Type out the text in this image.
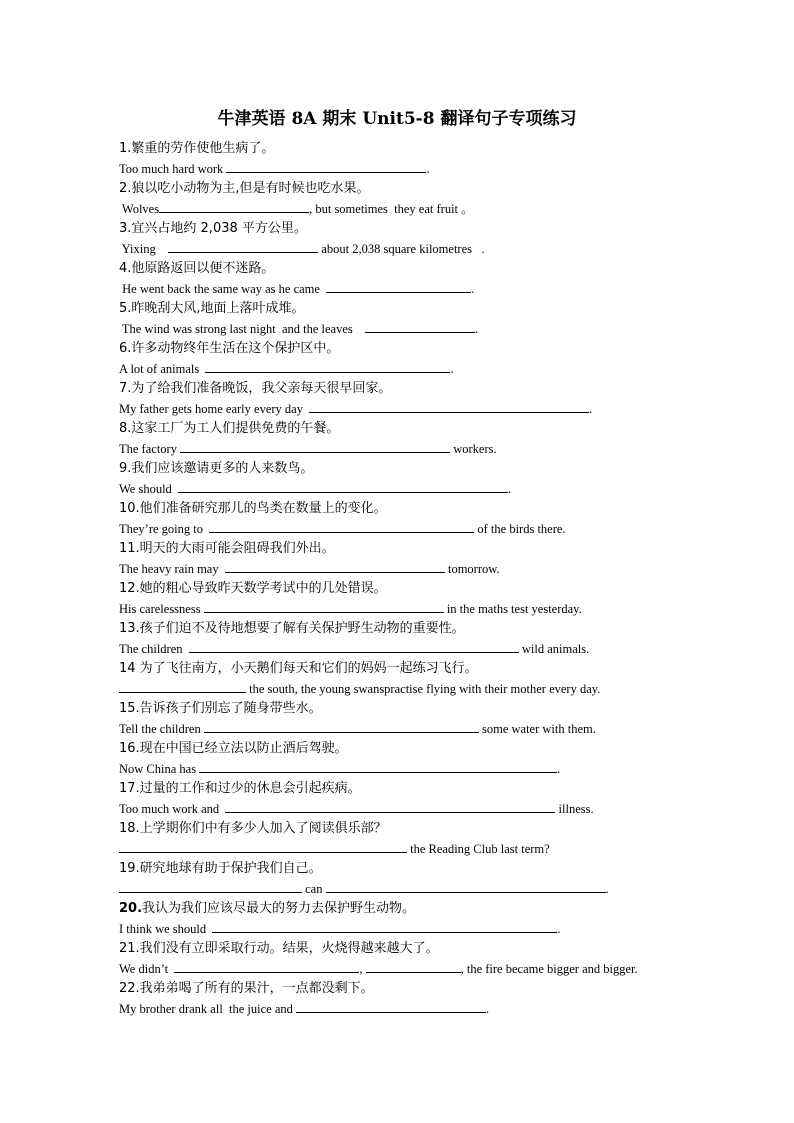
牛津英语 8A 期末 Unit5-8 翻译句子专项练习
1.繁重的劳作使他生病了。
Too much hard work	.
2.狼以吃小动物为主,但是有时候也吃水果。
Wolves	, but sometimes  they eat fruit 。
3.宜兴占地约 2,038 平方公里。
Yixing	about 2,038 square kilometres   .
4.他原路返回以便不迷路。
He went back the same way as he came	.
5.昨晚刮大风,地面上落叶成堆。
The wind was strong last night  and the leaves	.
6.许多动物终年生活在这个保护区中。
A lot of animals	.
7.为了给我们准备晚饭，我父亲每天很早回家。
My father gets home early every day	.
8.这家工厂为工人们提供免费的午餐。
The factory	workers.
9.我们应该邀请更多的人来数鸟。
We should	.
10.他们准备研究那儿的鸟类在数量上的变化。
They’re going to	of the birds there.
11.明天的大雨可能会阻碍我们外出。
The heavy rain may	tomorrow.
12.她的粗心导致昨天数学考试中的几处错误。
His carelessness	in the maths test yesterday.
13.孩子们迫不及待地想要了解有关保护野生动物的重要性。
The children	wild animals.
14 为了飞往南方，小天鹅们每天和它们的妈妈一起练习飞行。
the south, the young swanspractise flying with their mother every day.
15.告诉孩子们别忘了随身带些水。
Tell the children	some water with them.
16.现在中国已经立法以防止酒后驾驶。
Now China has	.
17.过量的工作和过少的休息会引起疾病。
Too much work and	illness.
18.上学期你们中有多少人加入了阅读俱乐部？
the Reading Club last term?
19.研究地球有助于保护我们自己。
can	.
20.我认为我们应该尽最大的努力去保护野生动物。
I think we should	.
21.我们没有立即采取行动。结果，火烧得越来越大了。
We didn’t	,	, the fire became bigger and bigger.
22.我弟弟喝了所有的果汁，一点都没剩下。
My brother drank all  the juice and	.
